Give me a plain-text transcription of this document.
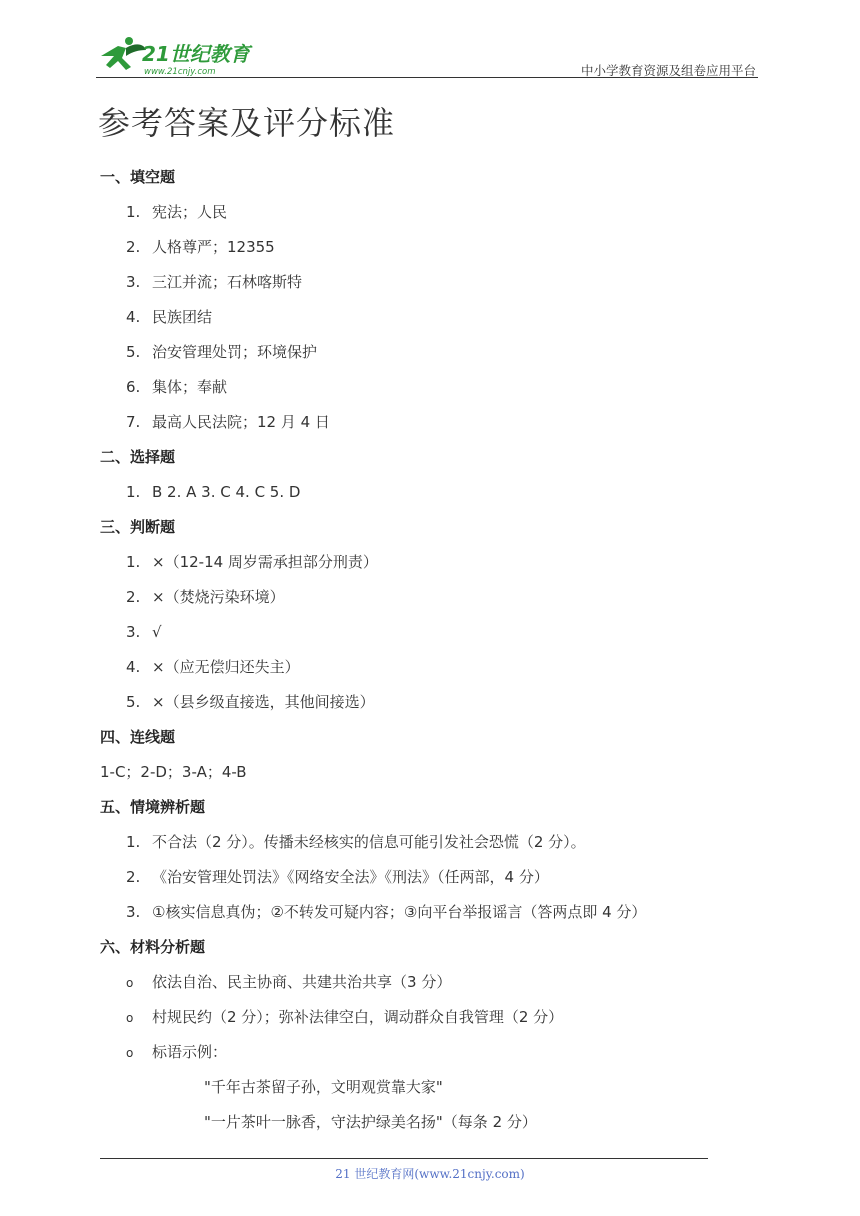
21世纪教育
www.21cnjy.com	中小学教育资源及组卷应用平台
参考答案及评分标准
一、填空题
1. 宪法；人民
2. 人格尊严；12355
3. 三江并流；石林喀斯特
4. 民族团结
5. 治安管理处罚；环境保护
6. 集体；奉献
7. 最高人民法院；12 月 4 日
二、选择题
1. B 2. A 3. C 4. C 5. D
三、判断题
1. ×（12-14 周岁需承担部分刑责）
2. ×（焚烧污染环境）
3. √
4. ×（应无偿归还失主）
5. ×（县乡级直接选，其他间接选）
四、连线题
1-C；2-D；3-A；4-B
五、情境辨析题
1. 不合法（2 分）。传播未经核实的信息可能引发社会恐慌（2 分）。
2. 《治安管理处罚法》《网络安全法》《刑法》（任两部，4 分）
3. ①核实信息真伪；②不转发可疑内容；③向平台举报谣言（答两点即 4 分）
六、材料分析题
o 依法自治、民主协商、共建共治共享（3 分）
o 村规民约（2 分）；弥补法律空白，调动群众自我管理（2 分）
o 标语示例：
"千年古茶留子孙，文明观赏靠大家"
"一片茶叶一脉香，守法护绿美名扬"（每条 2 分）
21 世纪教育网(www.21cnjy.com)
